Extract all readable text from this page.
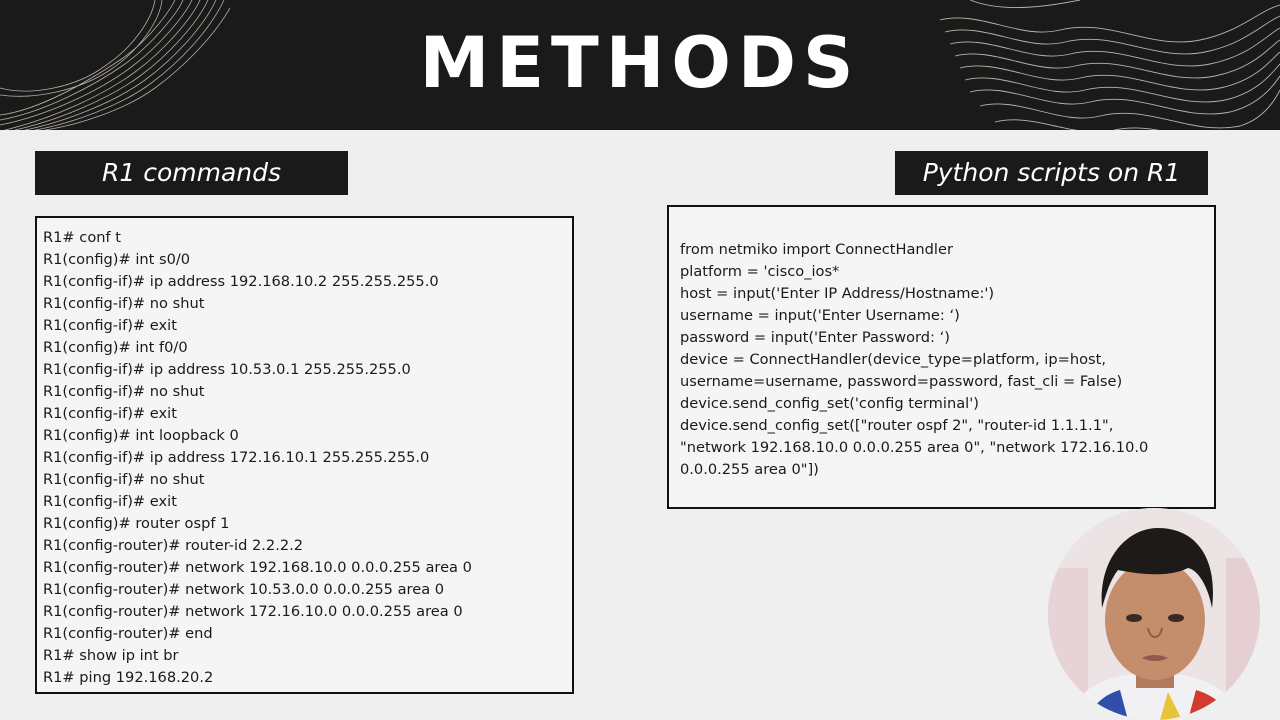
METHODS
R1 commands	Python scripts on R1
R1# conf t
R1(config)# int s0/0
R1(config-if)# ip address 192.168.10.2 255.255.255.0
R1(config-if)# no shut
R1(config-if)# exit
R1(config)# int f0/0
R1(config-if)# ip address 10.53.0.1 255.255.255.0
R1(config-if)# no shut
R1(config-if)# exit
R1(config)# int loopback 0
R1(config-if)# ip address 172.16.10.1 255.255.255.0
R1(config-if)# no shut
R1(config-if)# exit
R1(config)# router ospf 1
R1(config-router)# router-id 2.2.2.2
R1(config-router)# network 192.168.10.0 0.0.0.255 area 0
R1(config-router)# network 10.53.0.0 0.0.0.255 area 0
R1(config-router)# network 172.16.10.0 0.0.0.255 area 0
R1(config-router)# end
R1# show ip int br
R1# ping 192.168.20.2
from netmiko import ConnectHandler
platform = 'cisco_ios*
host = input('Enter IP Address/Hostname:')
username = input('Enter Username: ‘)
password = input('Enter Password: ‘)
device = ConnectHandler(device_type=platform, ip=host,
username=username, password=password, fast_cli = False)
device.send_config_set('config terminal')
device.send_config_set(["router ospf 2", "router-id 1.1.1.1",
"network 192.168.10.0 0.0.0.255 area 0", "network 172.16.10.0
0.0.0.255 area 0"])
